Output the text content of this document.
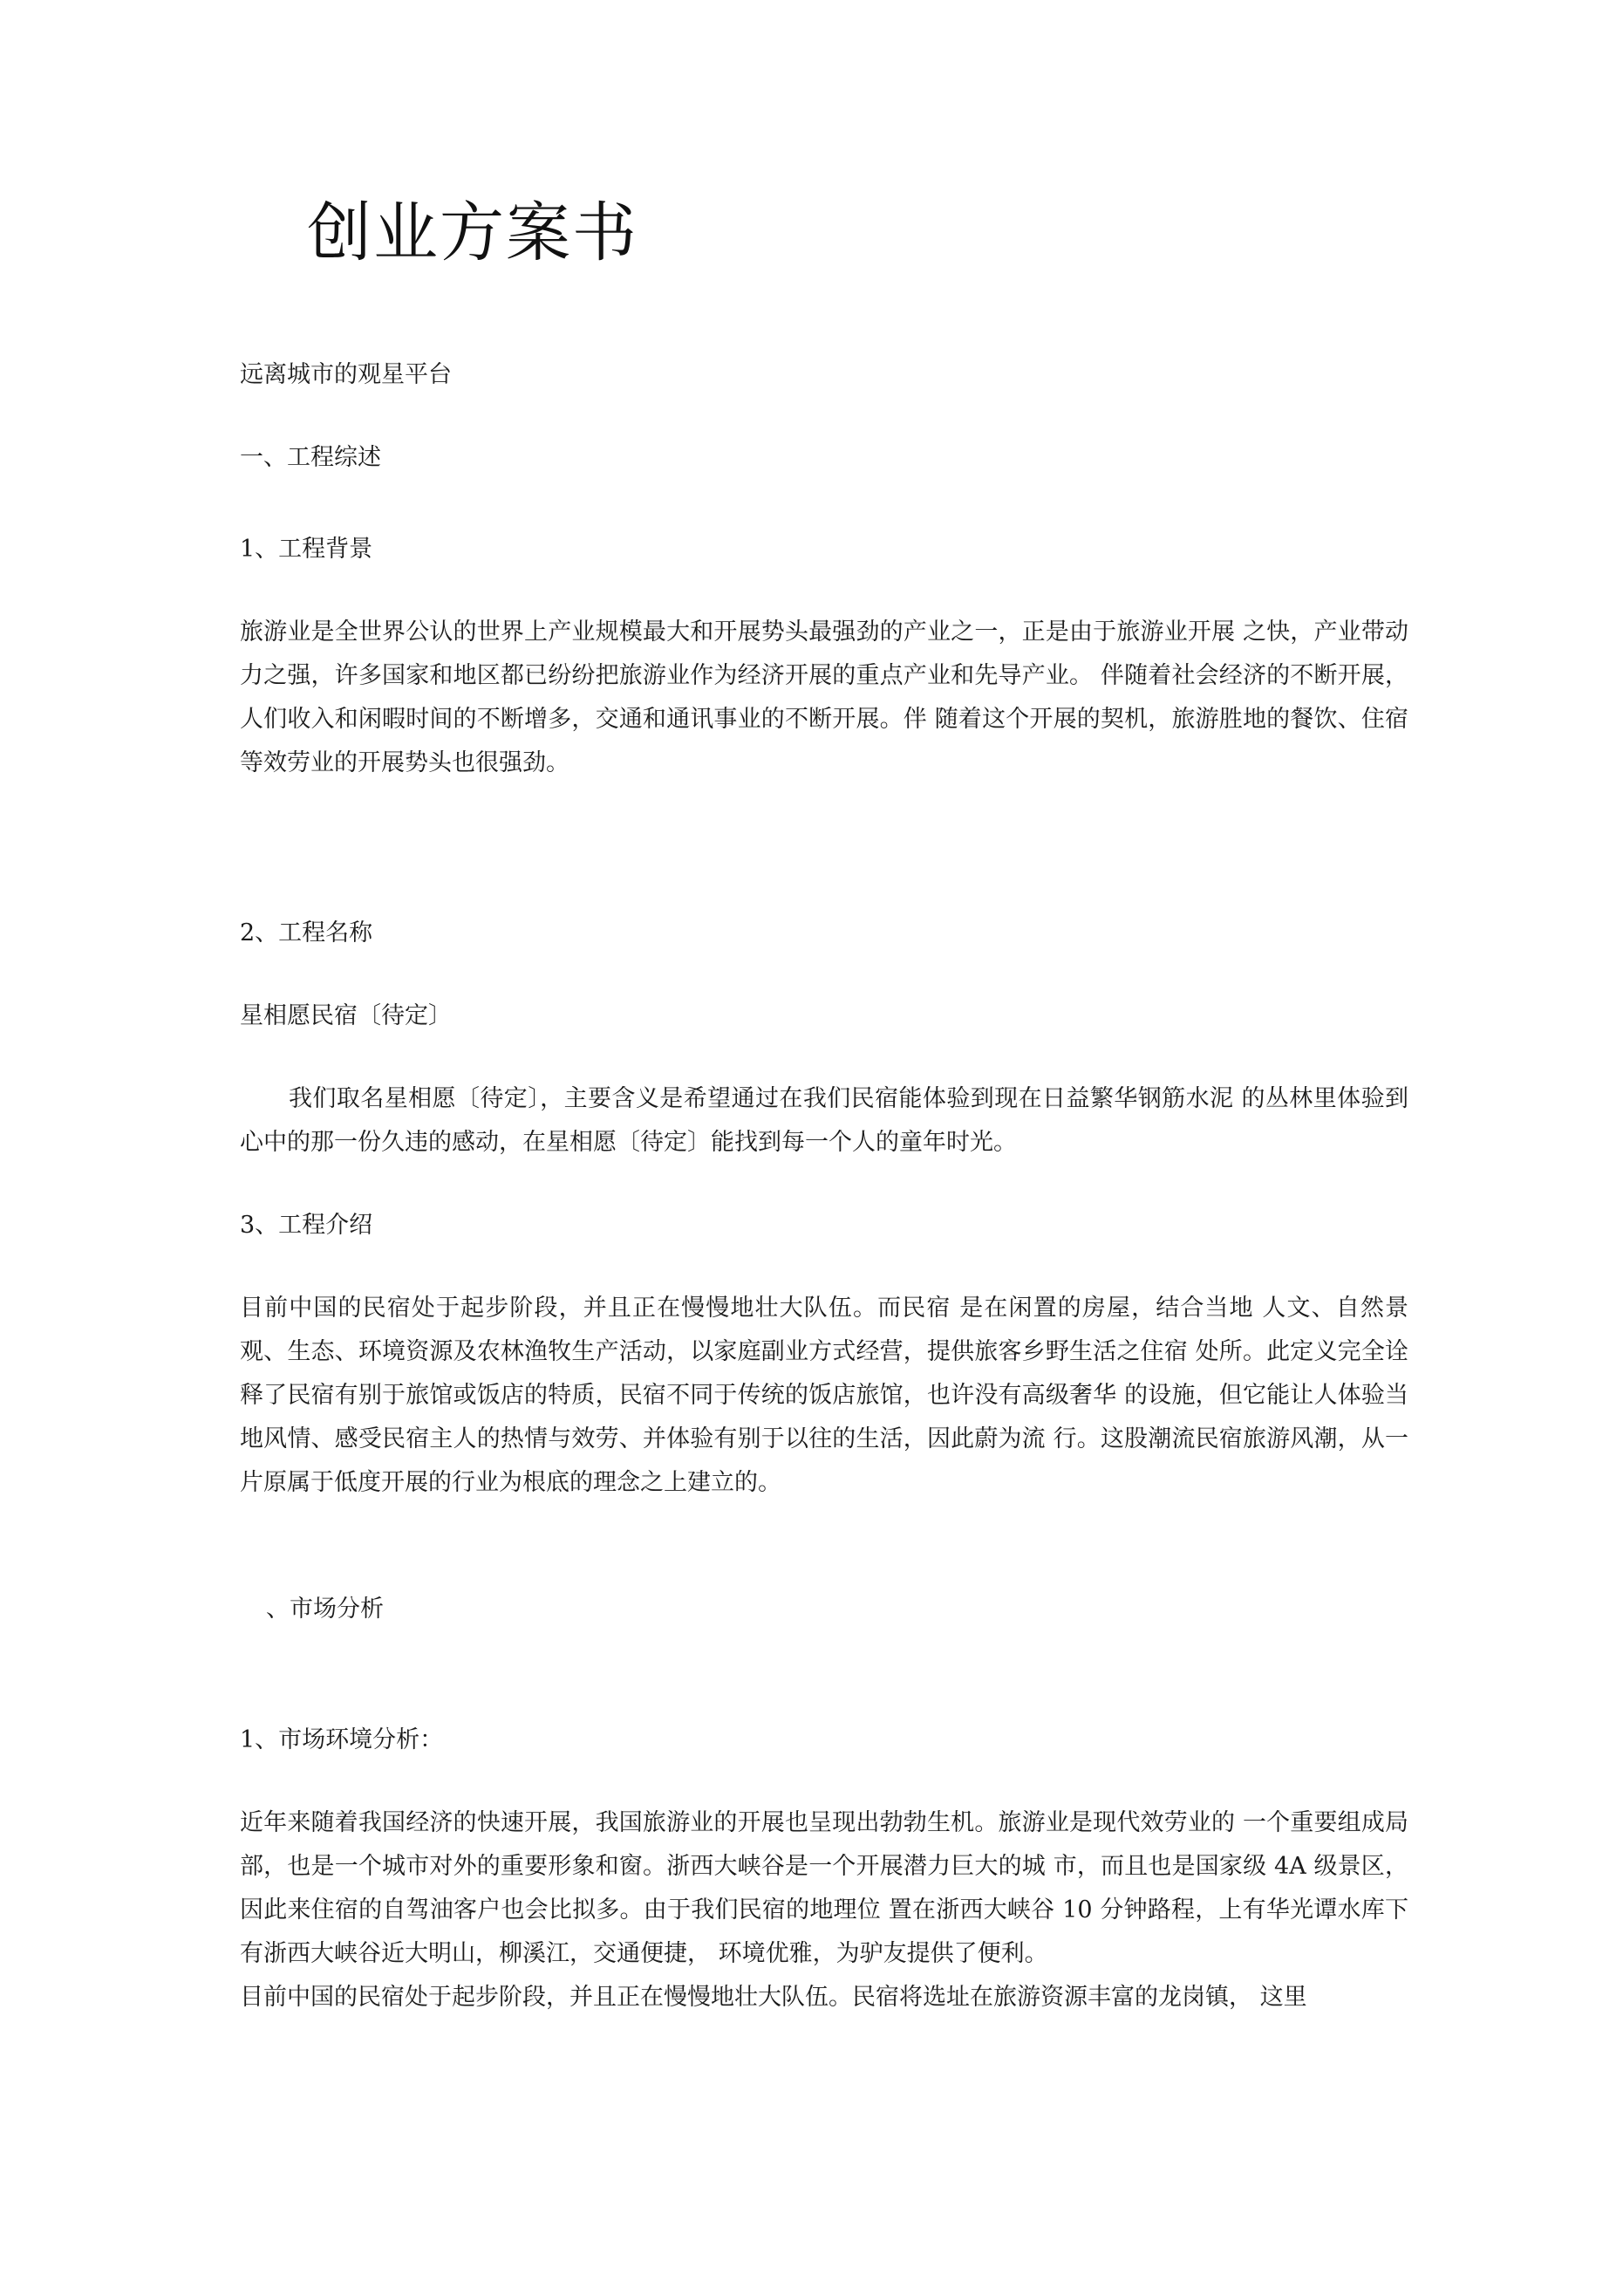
创业方案书

远离城市的观星平台

一、工程综述

1、工程背景

旅游业是全世界公认的世界上产业规模最大和开展势头最强劲的产业之一，正是由于旅游业开展 之快，产业带动力之强，许多国家和地区都已纷纷把旅游业作为经济开展的重点产业和先导产业。 伴随着社会经济的不断开展，人们收入和闲暇时间的不断增多，交通和通讯事业的不断开展。伴 随着这个开展的契机，旅游胜地的餐饮、住宿等效劳业的开展势头也很强劲。

2、工程名称

星相愿民宿〔待定〕

我们取名星相愿〔待定〕，主要含义是希望通过在我们民宿能体验到现在日益繁华钢筋水泥 的丛林里体验到心中的那一份久违的感动，在星相愿〔待定〕能找到每一个人的童年时光。

3、工程介绍

目前中国的民宿处于起步阶段，并且正在慢慢地壮大队伍。而民宿 是在闲置的房屋，结合当地 人文、自然景观、生态、环境资源及农林渔牧生产活动，以家庭副业方式经营，提供旅客乡野生活之住宿 处所。此定义完全诠释了民宿有别于旅馆或饭店的特质，民宿不同于传统的饭店旅馆，也许没有高级奢华 的设施，但它能让人体验当地风情、感受民宿主人的热情与效劳、并体验有别于以往的生活，因此蔚为流 行。这股潮流民宿旅游风潮，从一片原属于低度开展的行业为根底的理念之上建立的。

、市场分析

1、市场环境分析：

近年来随着我国经济的快速开展，我国旅游业的开展也呈现出勃勃生机。旅游业是现代效劳业的 一个重要组成局部，也是一个城市对外的重要形象和窗。浙西大峡谷是一个开展潜力巨大的城 市，而且也是国家级 4A 级景区，因此来住宿的自驾油客户也会比拟多。由于我们民宿的地理位 置在浙西大峡谷 10 分钟路程，上有华光谭水库下有浙西大峡谷近大明山，柳溪江，交通便捷， 环境优雅，为驴友提供了便利。

目前中国的民宿处于起步阶段，并且正在慢慢地壮大队伍。民宿将选址在旅游资源丰富的龙岗镇， 这里
